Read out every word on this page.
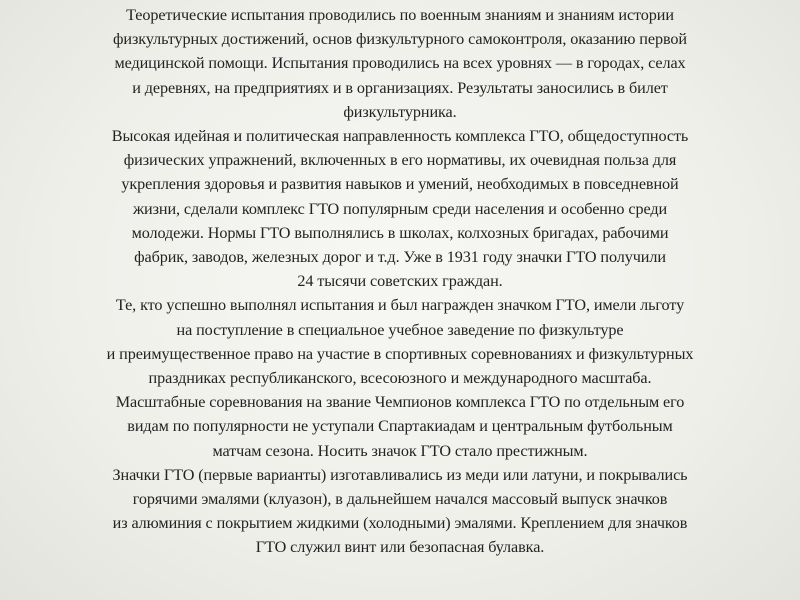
Теоретические испытания проводились по военным знаниям и знаниям истории
физкультурных достижений, основ физкультурного самоконтроля, оказанию первой
медицинской помощи. Испытания проводились на всех уровнях — в городах, селах
и деревнях, на предприятиях и в организациях. Результаты заносились в билет
физкультурника.
Высокая идейная и политическая направленность комплекса ГТО, общедоступность
физических упражнений, включенных в его нормативы, их очевидная польза для
укрепления здоровья и развития навыков и умений, необходимых в повседневной
жизни, сделали комплекс ГТО популярным среди населения и особенно среди
молодежи. Нормы ГТО выполнялись в школах, колхозных бригадах, рабочими
фабрик, заводов, железных дорог и т.д. Уже в 1931 году значки ГТО получили
24 тысячи советских граждан.
Те, кто успешно выполнял испытания и был награжден значком ГТО, имели льготу
на поступление в специальное учебное заведение по физкультуре
и преимущественное право на участие в спортивных соревнованиях и физкультурных
праздниках республиканского, всесоюзного и международного масштаба.
Масштабные соревнования на звание Чемпионов комплекса ГТО по отдельным его
видам по популярности не уступали Спартакиадам и центральным футбольным
матчам сезона. Носить значок ГТО стало престижным.
Значки ГТО (первые варианты) изготавливались из меди или латуни, и покрывались
горячими эмалями (клуазон), в дальнейшем начался массовый выпуск значков
из алюминия с покрытием жидкими (холодными) эмалями. Креплением для значков
ГТО служил винт или безопасная булавка.
